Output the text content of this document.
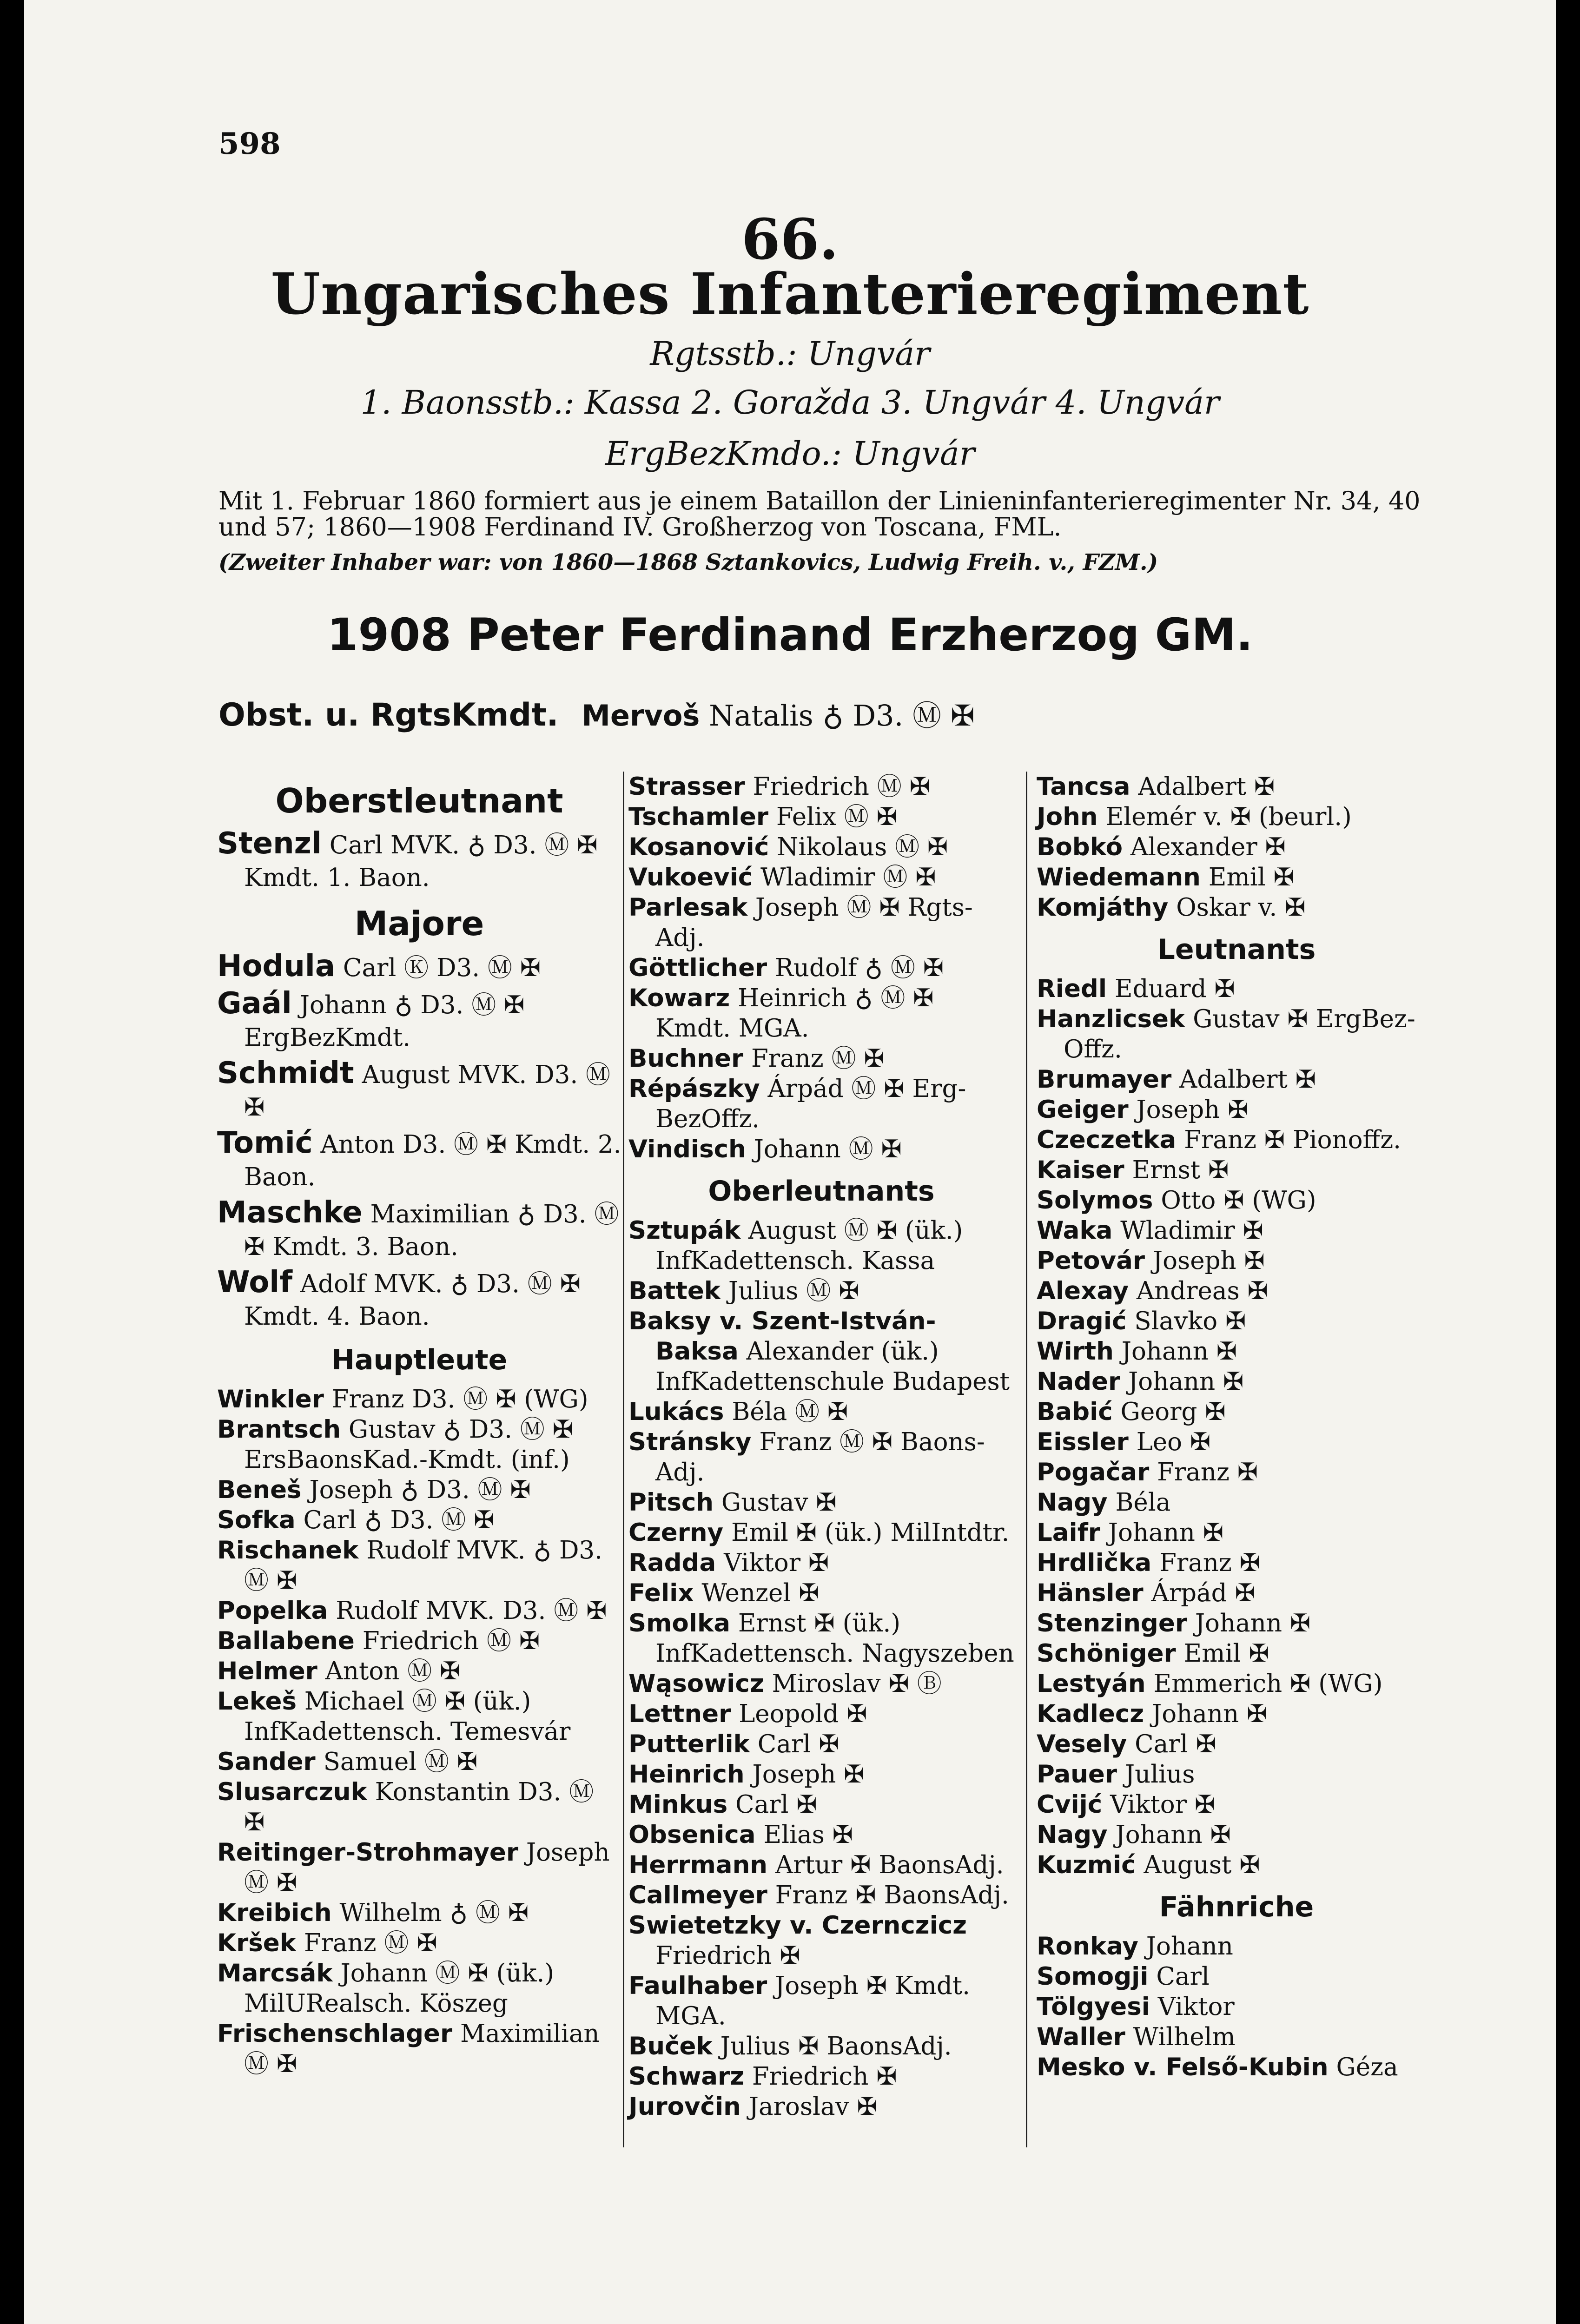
598
66.
Ungarisches Infanterieregiment
Rgtsstb.: Ungvár
1. Baonsstb.: Kassa 2. Goražda 3. Ungvár 4. Ungvár
ErgBezKmdo.: Ungvár
Mit 1. Februar 1860 formiert aus je einem Bataillon der Linieninfanterieregimenter Nr. 34, 40
und 57; 1860—1908 Ferdinand IV. Großherzog von Toscana, FML.
(Zweiter Inhaber war: von 1860—1868 Sztankovics, Ludwig Freih. v., FZM.)
1908 Peter Ferdinand Erzherzog GM.
Obst. u. RgtsKmdt. Mervoš Natalis ♁ D3. Ⓜ ✠
Oberstleutnant
Stenzl Carl MVK. ♁ D3. Ⓜ ✠ Kmdt. 1. Baon.
Majore
Hodula Carl Ⓚ D3. Ⓜ ✠
Gaál Johann ♁ D3. Ⓜ ✠ ErgBezKmdt.
Schmidt August MVK. D3. Ⓜ ✠
Tomić Anton D3. Ⓜ ✠ Kmdt. 2. Baon.
Maschke Maximilian ♁ D3. Ⓜ ✠ Kmdt. 3. Baon.
Wolf Adolf MVK. ♁ D3. Ⓜ ✠ Kmdt. 4. Baon.
Hauptleute
Winkler Franz D3. Ⓜ ✠ (WG)
Brantsch Gustav ♁ D3. Ⓜ ✠ ErsBaonsKad.-Kmdt. (inf.)
Beneš Joseph ♁ D3. Ⓜ ✠
Sofka Carl ♁ D3. Ⓜ ✠
Rischanek Rudolf MVK. ♁ D3. Ⓜ ✠
Popelka Rudolf MVK. D3. Ⓜ ✠
Ballabene Friedrich Ⓜ ✠
Helmer Anton Ⓜ ✠
Lekeš Michael Ⓜ ✠ (ük.) InfKadettensch. Temesvár
Sander Samuel Ⓜ ✠
Slusarczuk Konstantin D3. Ⓜ ✠
Reitinger-Strohmayer Joseph Ⓜ ✠
Kreibich Wilhelm ♁ Ⓜ ✠
Kršek Franz Ⓜ ✠
Marcsák Johann Ⓜ ✠ (ük.) MilURealsch. Köszeg
Frischenschlager Maximilian Ⓜ ✠
Strasser Friedrich Ⓜ ✠
Tschamler Felix Ⓜ ✠
Kosanović Nikolaus Ⓜ ✠
Vukoević Wladimir Ⓜ ✠
Parlesak Joseph Ⓜ ✠ Rgts-Adj.
Göttlicher Rudolf ♁ Ⓜ ✠
Kowarz Heinrich ♁ Ⓜ ✠ Kmdt. MGA.
Buchner Franz Ⓜ ✠
Répászky Árpád Ⓜ ✠ Erg-BezOffz.
Vindisch Johann Ⓜ ✠
Oberleutnants
Sztupák August Ⓜ ✠ (ük.) InfKadettensch. Kassa
Battek Julius Ⓜ ✠
Baksy v. Szent-István-Baksa Alexander (ük.) InfKadettenschule Budapest
Lukács Béla Ⓜ ✠
Stránsky Franz Ⓜ ✠ Baons-Adj.
Pitsch Gustav ✠
Czerny Emil ✠ (ük.) MilIntdtr.
Radda Viktor ✠
Felix Wenzel ✠
Smolka Ernst ✠ (ük.) InfKadettensch. Nagyszeben
Wąsowicz Miroslav ✠ Ⓑ
Lettner Leopold ✠
Putterlik Carl ✠
Heinrich Joseph ✠
Minkus Carl ✠
Obsenica Elias ✠
Herrmann Artur ✠ BaonsAdj.
Callmeyer Franz ✠ BaonsAdj.
Swietetzky v. Czernczicz Friedrich ✠
Faulhaber Joseph ✠ Kmdt. MGA.
Buček Julius ✠ BaonsAdj.
Schwarz Friedrich ✠
Jurovčin Jaroslav ✠
Tancsa Adalbert ✠
John Elemér v. ✠ (beurl.)
Bobkó Alexander ✠
Wiedemann Emil ✠
Komjáthy Oskar v. ✠
Leutnants
Riedl Eduard ✠
Hanzlicsek Gustav ✠ ErgBez-Offz.
Brumayer Adalbert ✠
Geiger Joseph ✠
Czeczetka Franz ✠ Pionoffz.
Kaiser Ernst ✠
Solymos Otto ✠ (WG)
Waka Wladimir ✠
Petovár Joseph ✠
Alexay Andreas ✠
Dragić Slavko ✠
Wirth Johann ✠
Nader Johann ✠
Babić Georg ✠
Eissler Leo ✠
Pogačar Franz ✠
Nagy Béla
Laifr Johann ✠
Hrdlička Franz ✠
Hänsler Árpád ✠
Stenzinger Johann ✠
Schöniger Emil ✠
Lestyán Emmerich ✠ (WG)
Kadlecz Johann ✠
Vesely Carl ✠
Pauer Julius
Cvijć Viktor ✠
Nagy Johann ✠
Kuzmić August ✠
Fähnriche
Ronkay Johann
Somogji Carl
Tölgyesi Viktor
Waller Wilhelm
Mesko v. Felső-Kubin Géza
